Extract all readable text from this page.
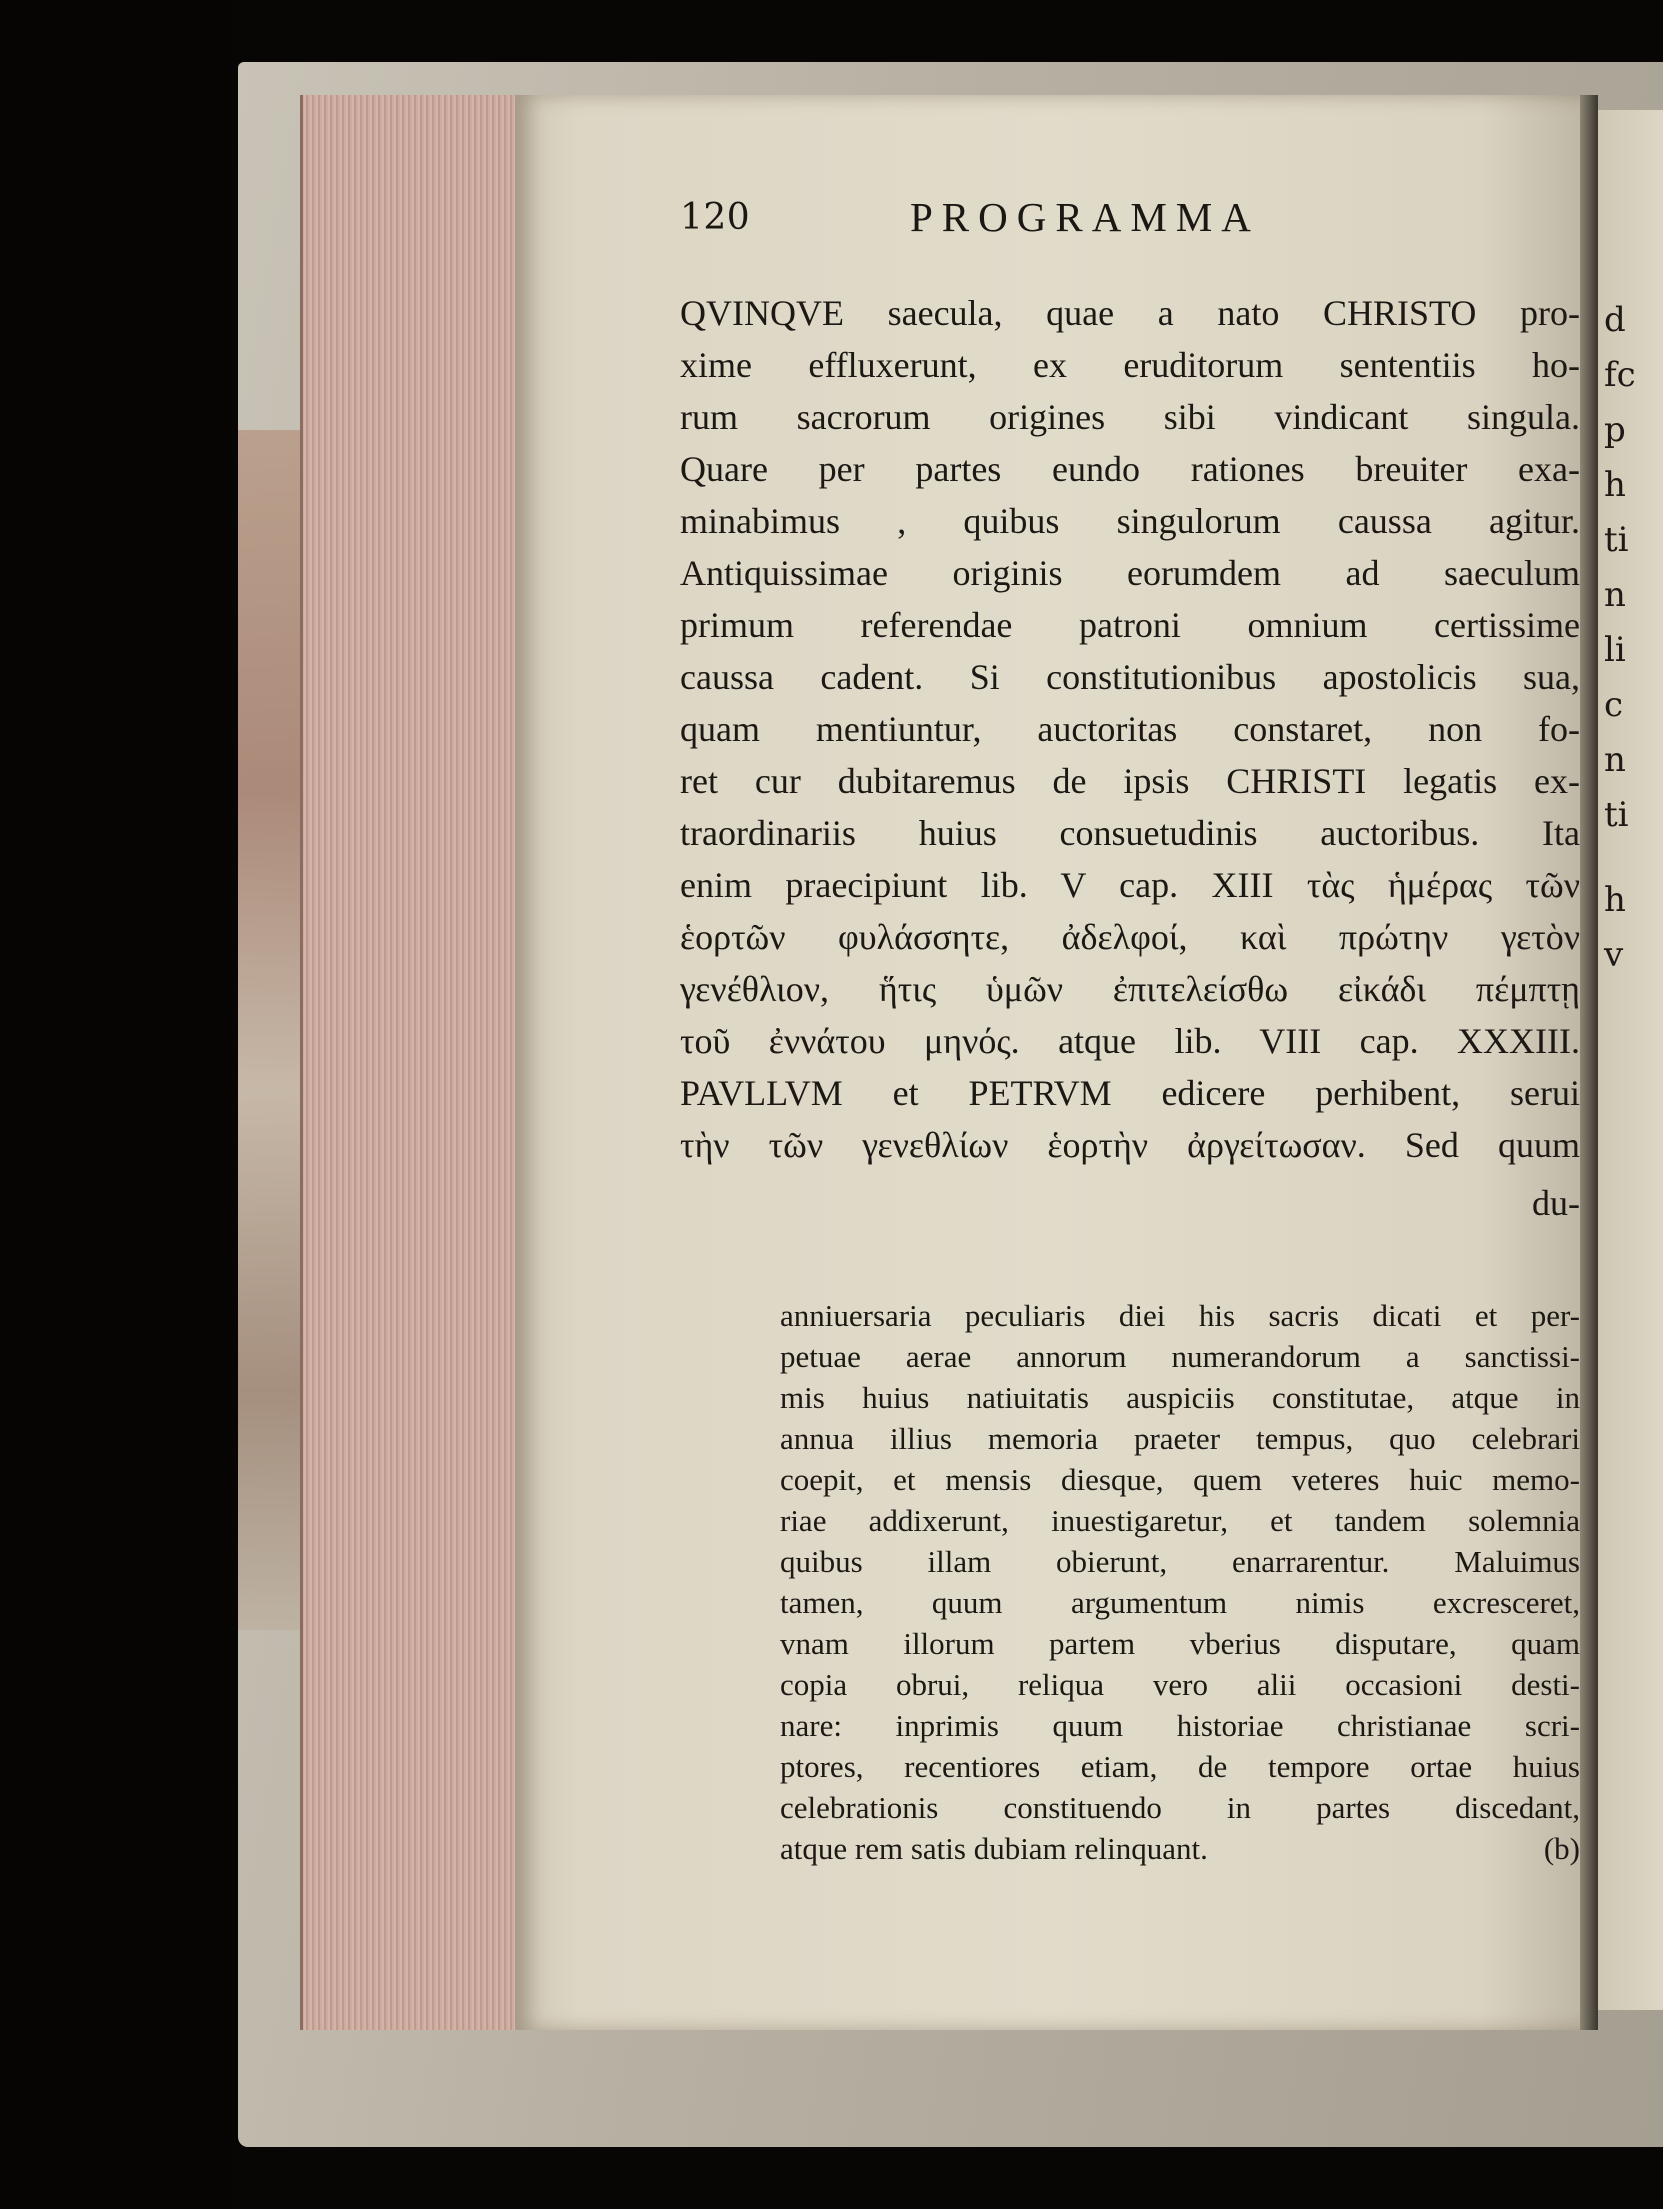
d
fc
p
h
ti
n
li
c
n
ti
h
v
120	PROGRAMMA
QVINQVE saecula, quae a nato CHRISTO pro-
xime effluxerunt, ex eruditorum sententiis ho-
rum sacrorum origines sibi vindicant singula.
Quare per partes eundo rationes breuiter exa-
minabimus , quibus singulorum caussa agitur.
Antiquissimae originis eorumdem ad saeculum
primum referendae patroni omnium certissime
caussa cadent. Si constitutionibus apostolicis sua,
quam mentiuntur, auctoritas constaret, non fo-
ret cur dubitaremus de ipsis CHRISTI legatis ex-
traordinariis huius consuetudinis auctoribus. Ita
enim praecipiunt lib. V cap. XIII τὰς ἡμέρας τῶν
ἑορτῶν φυλάσσητε, ἀδελφοί, καὶ πρώτην γετὸν
γενέθλιον, ἥτις ὑμῶν ἐπιτελείσθω εἰκάδι πέμπτῃ
τοῦ ἐννάτου μηνός. atque lib. VIII cap. XXXIII.
PAVLLVM et PETRVM edicere perhibent, serui
τὴν τῶν γενεθλίων ἑορτὴν ἀργείτωσαν. Sed quum
du-
anniuersaria peculiaris diei his sacris dicati et per-
petuae aerae annorum numerandorum a sanctissi-
mis huius natiuitatis auspiciis constitutae, atque in
annua illius memoria praeter tempus, quo celebrari
coepit, et mensis diesque, quem veteres huic memo-
riae addixerunt, inuestigaretur, et tandem solemnia
quibus illam obierunt, enarrarentur. Maluimus
tamen, quum argumentum nimis excresceret,
vnam illorum partem vberius disputare, quam
copia obrui, reliqua vero alii occasioni desti-
nare: inprimis quum historiae christianae scri-
ptores, recentiores etiam, de tempore ortae huius
celebrationis constituendo in partes discedant,
atque rem satis dubiam relinquant.	(b)
